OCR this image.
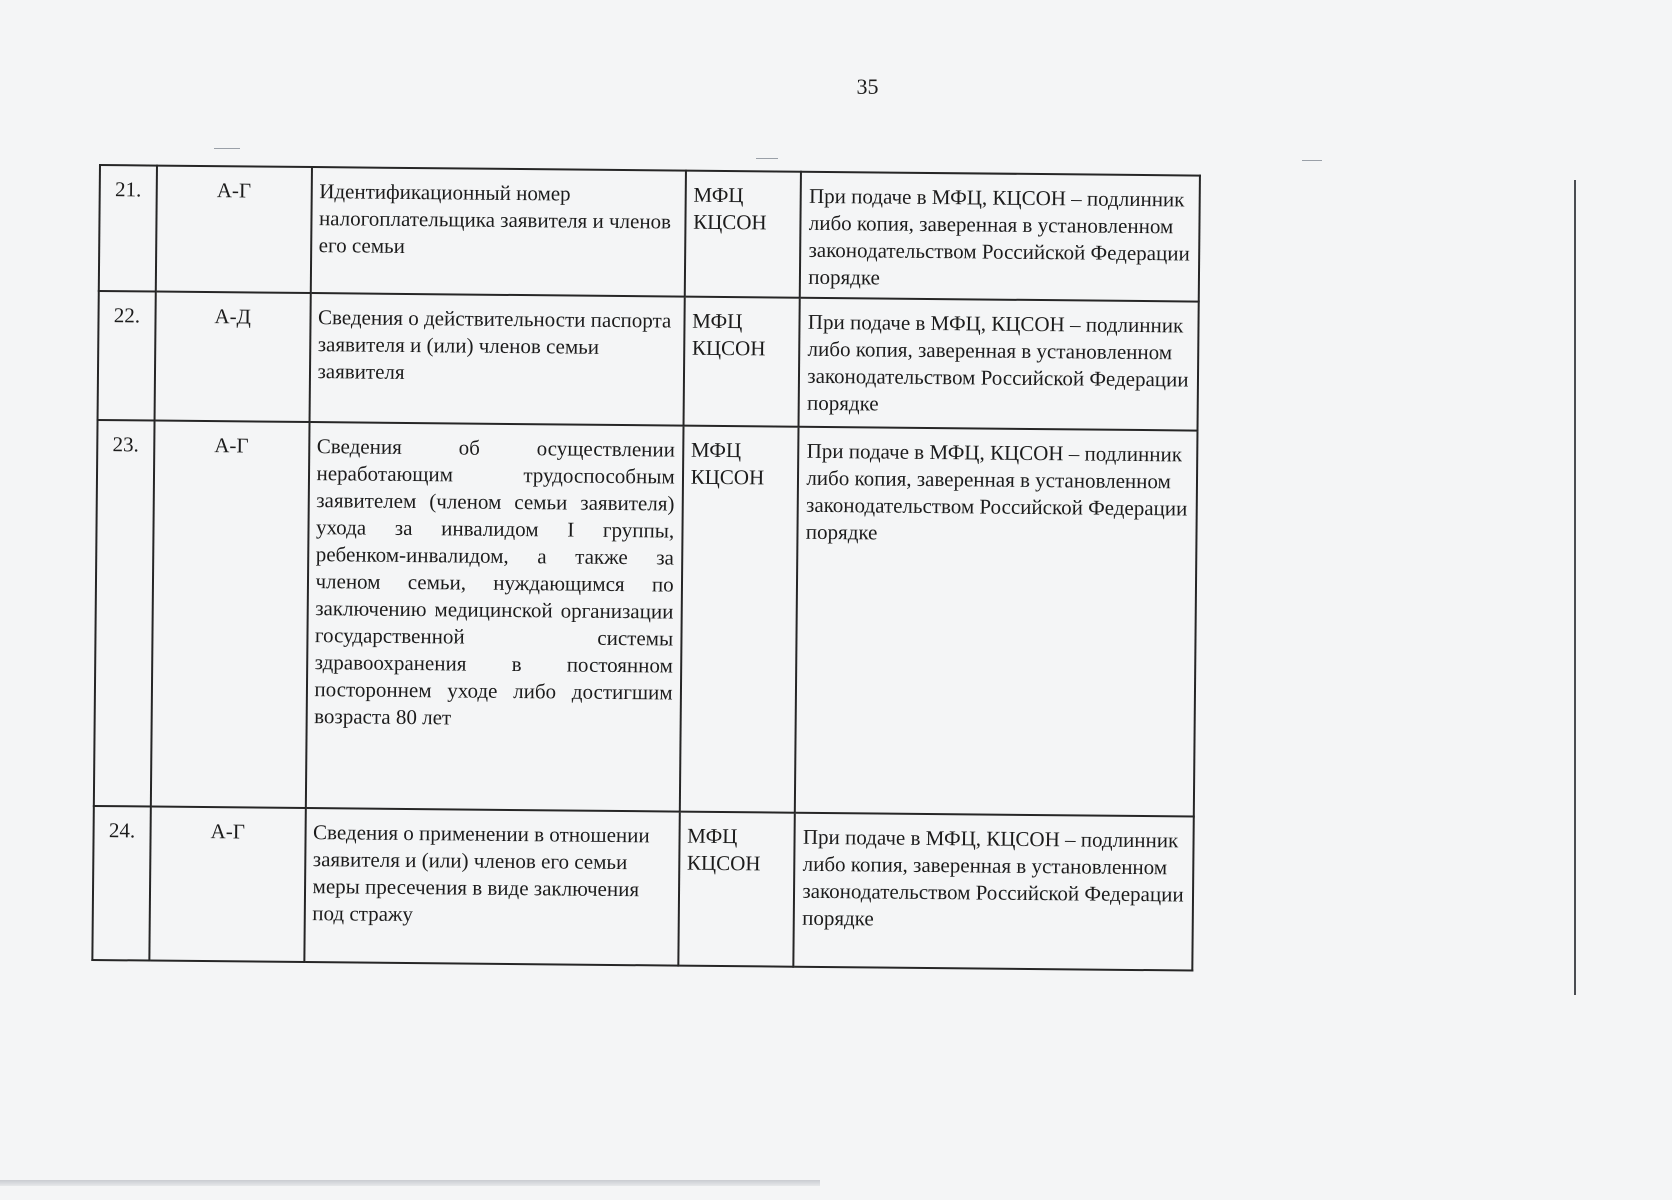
35
21.	А-Г	Идентификационный номер налогоплательщика заявителя и членов его семьи	МФЦ
КЦСОН	При подаче в МФЦ, КЦСОН – подлинник либо копия, заверенная в установленном законодательством Российской Федерации порядке
22.	А-Д	Сведения о действительности паспорта заявителя и (или) членов семьи заявителя	МФЦ
КЦСОН	При подаче в МФЦ, КЦСОН – подлинник либо копия, заверенная в установленном законодательством Российской Федерации порядке
23.	А-Г	Сведения об осуществлении неработающим трудоспособным заявителем (членом семьи заявителя) ухода за инвалидом I группы, ребенком-инвалидом, а также за членом семьи, нуждающимся по заключению медицинской организации государственной системы здравоохранения в постоянном постороннем уходе либо достигшим возраста 80 лет	МФЦ
КЦСОН	При подаче в МФЦ, КЦСОН – подлинник либо копия, заверенная в установленном законодательством Российской Федерации порядке
24.	А-Г	Сведения о применении в отношении заявителя и (или) членов его семьи меры пресечения в виде заключения под стражу	МФЦ
КЦСОН	При подаче в МФЦ, КЦСОН – подлинник либо копия, заверенная в установленном законодательством Российской Федерации порядке
